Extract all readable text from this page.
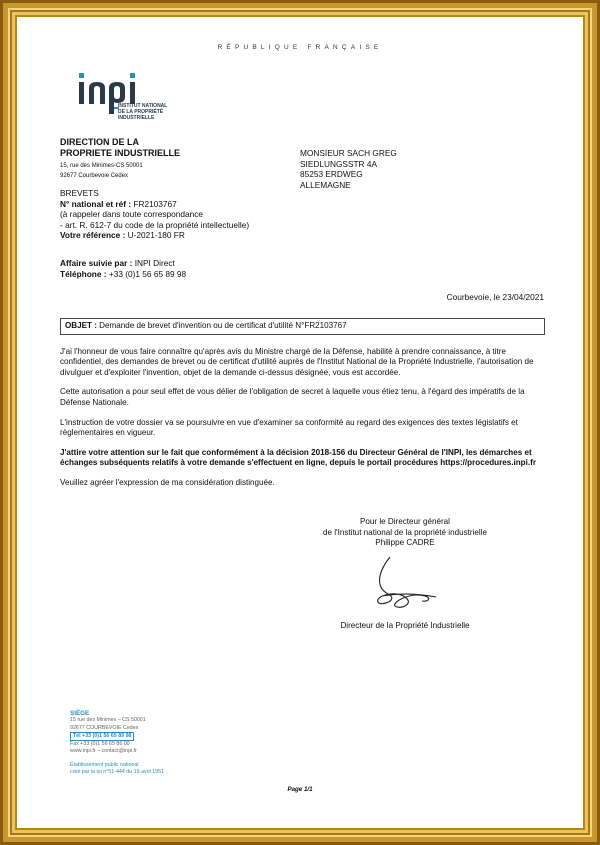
RÉPUBLIQUE FRANÇAISE
INSTITUT NATIONAL
DE LA PROPRIÉTÉ
INDUSTRIELLE
DIRECTION DE LA
PROPRIETE INDUSTRIELLE
15, rue des Minimes-CS 50001
92677 Courbevoie Cedex
MONSIEUR SACH GREG
SIEDLUNGSSTR 4A
85253 ERDWEG
ALLEMAGNE
BREVETS
N° national et réf : FR2103767
(à rappeler dans toute correspondance
- art. R. 612-7 du code de la propriété intellectuelle)
Votre référence : U-2021-180 FR
Affaire suivie par : INPI Direct
Téléphone : +33 (0)1 56 65 89 98
Courbevoie, le 23/04/2021
OBJET : Demande de brevet d'invention ou de certificat d'utilité N°FR2103767

J'ai l'honneur de vous faire connaître qu'après avis du Ministre chargé de la Défense, habilité à prendre connaissance, à titre confidentiel, des demandes de brevet ou de certificat d'utilité auprès de l'Institut National de la Propriété Industrielle, l'autorisation de divulguer et d'exploiter l'invention, objet de la demande ci-dessus désignée, vous est accordée.

Cette autorisation a pour seul effet de vous délier de l'obligation de secret à laquelle vous étiez tenu, à l'égard des impératifs de la Défense Nationale.

L'instruction de votre dossier va se poursuivre en vue d'examiner sa conformité au regard des exigences des textes législatifs et règlementaires en vigueur.

J'attire votre attention sur le fait que conformément à la décision 2018-156 du Directeur Général de l'INPI, les démarches et échanges subséquents relatifs à votre demande s'effectuent en ligne, depuis le portail procédures https://procedures.inpi.fr

Veuillez agréer l'expression de ma considération distinguée.

Pour le Directeur général
de l'Institut national de la propriété industrielle
Philippe CADRE
Directeur de la Propriété Industrielle
SIÈGE
15 rue des Minimes – CS 50001
92677 COURBEVOIE Cedex
Tél +33 (0)1 56 65 89 98
Fax +33 (0)1 56 65 86 00
www.inpi.fr – contact@inpi.fr
Établissement public national
créé par la loi n°51-444 du 19 avril 1951
Page 1/1
